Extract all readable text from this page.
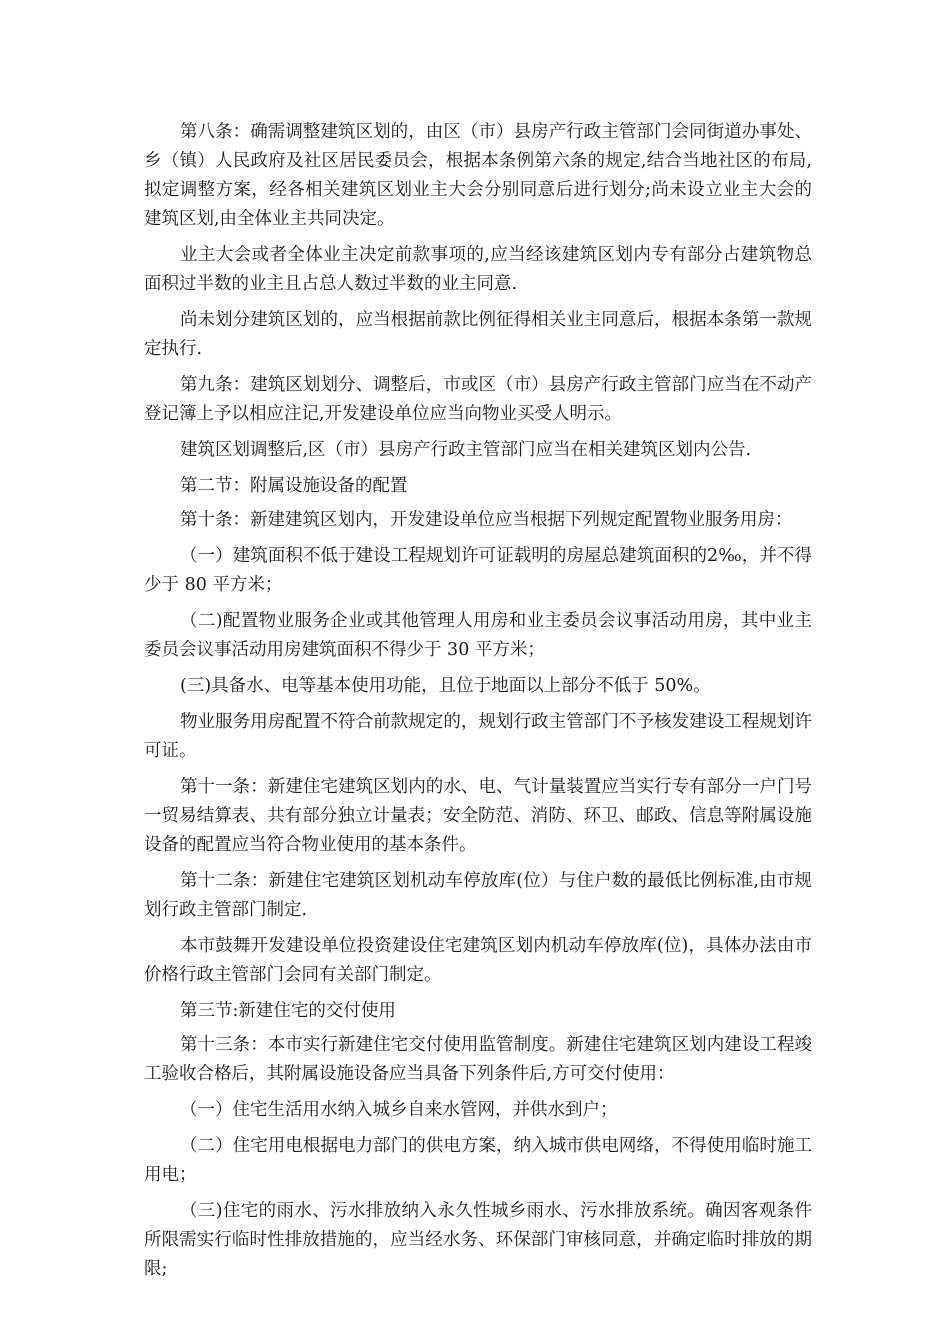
第八条：确需调整建筑区划的，由区（市）县房产行政主管部门会同街道办事处、乡（镇）人民政府及社区居民委员会，根据本条例第六条的规定,结合当地社区的布局,拟定调整方案，经各相关建筑区划业主大会分别同意后进行划分;尚未设立业主大会的建筑区划,由全体业主共同决定。

业主大会或者全体业主决定前款事项的,应当经该建筑区划内专有部分占建筑物总面积过半数的业主且占总人数过半数的业主同意.

尚未划分建筑区划的，应当根据前款比例征得相关业主同意后，根据本条第一款规定执行.

第九条：建筑区划划分、调整后，市或区（市）县房产行政主管部门应当在不动产登记簿上予以相应注记,开发建设单位应当向物业买受人明示。

建筑区划调整后,区（市）县房产行政主管部门应当在相关建筑区划内公告.

第二节：附属设施设备的配置

第十条：新建建筑区划内，开发建设单位应当根据下列规定配置物业服务用房：

（一）建筑面积不低于建设工程规划许可证载明的房屋总建筑面积的2‰，并不得少于 80 平方米；

（二)配置物业服务企业或其他管理人用房和业主委员会议事活动用房，其中业主委员会议事活动用房建筑面积不得少于 30 平方米；

(三)具备水、电等基本使用功能，且位于地面以上部分不低于 50%。

物业服务用房配置不符合前款规定的，规划行政主管部门不予核发建设工程规划许可证。

第十一条：新建住宅建筑区划内的水、电、气计量装置应当实行专有部分一户门号一贸易结算表、共有部分独立计量表；安全防范、消防、环卫、邮政、信息等附属设施设备的配置应当符合物业使用的基本条件。

第十二条：新建住宅建筑区划机动车停放库(位）与住户数的最低比例标准,由市规划行政主管部门制定.

本市鼓舞开发建设单位投资建设住宅建筑区划内机动车停放库(位)，具体办法由市价格行政主管部门会同有关部门制定。

第三节:新建住宅的交付使用

第十三条：本市实行新建住宅交付使用监管制度。新建住宅建筑区划内建设工程竣工验收合格后，其附属设施设备应当具备下列条件后,方可交付使用：

（一）住宅生活用水纳入城乡自来水管网，并供水到户；

（二）住宅用电根据电力部门的供电方案，纳入城市供电网络，不得使用临时施工用电；

（三)住宅的雨水、污水排放纳入永久性城乡雨水、污水排放系统。确因客观条件所限需实行临时性排放措施的，应当经水务、环保部门审核同意，并确定临时排放的期限;
